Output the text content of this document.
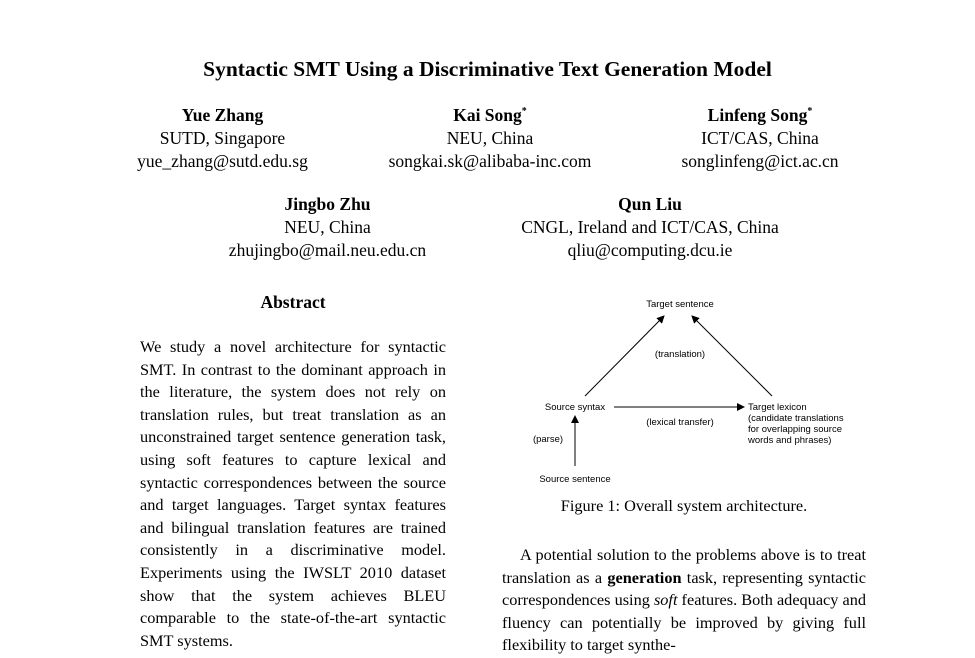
Syntactic SMT Using a Discriminative Text Generation Model
Yue Zhang
SUTD, Singapore
yue_zhang@sutd.edu.sg
Kai Song*
NEU, China
songkai.sk@alibaba-inc.com
Linfeng Song*
ICT/CAS, China
songlinfeng@ict.ac.cn
Jingbo Zhu
NEU, China
zhujingbo@mail.neu.edu.cn
Qun Liu
CNGL, Ireland and ICT/CAS, China
qliu@computing.dcu.ie
Abstract
We study a novel architecture for syntactic SMT. In contrast to the dominant approach in the literature, the system does not rely on translation rules, but treat translation as an unconstrained target sentence generation task, using soft features to capture lexical and syntactic correspondences between the source and target languages. Target syntax features and bilingual translation features are trained consistently in a discriminative model. Experiments using the IWSLT 2010 dataset show that the system achieves BLEU comparable to the state-of-the-art syntactic SMT systems.
Target sentence
(translation)
Source syntax	Target lexicon
(candidate translations
for overlapping source
words and phrases)
(lexical transfer)
(parse)
Source sentence
Figure 1: Overall system architecture.
A potential solution to the problems above is to treat translation as a generation task, representing syntactic correspondences using soft features. Both adequacy and fluency can potentially be improved by giving full flexibility to target synthe-
